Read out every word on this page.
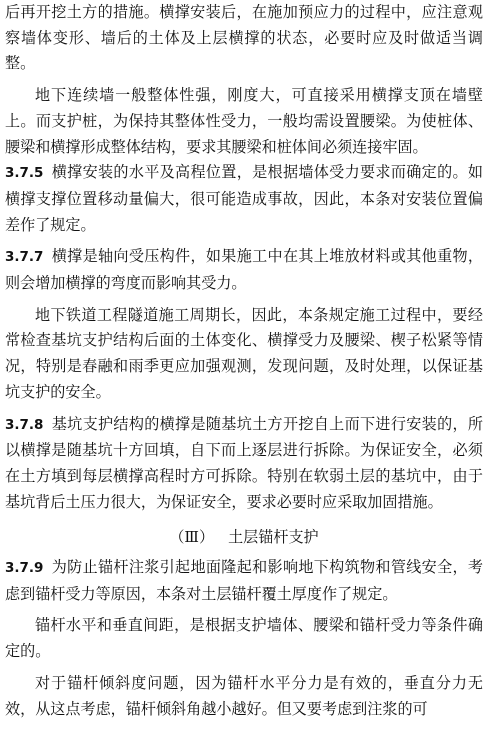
后再开挖土方的措施。横撑安装后，在施加预应力的过程中，应注意观察墙体变形、墙后的土体及上层横撑的状态，必要时应及时做适当调整。

地下连续墙一般整体性强，刚度大，可直接采用横撑支顶在墙壁上。而支护桩，为保持其整体性受力，一般均需设置腰梁。为使桩体、腰梁和横撑形成整体结构，要求其腰梁和桩体间必须连接牢固。

3.7.5 横撑安装的水平及高程位置，是根据墙体受力要求而确定的。如横撑支撑位置移动量偏大，很可能造成事故，因此，本条对安装位置偏差作了规定。

3.7.7 横撑是轴向受压构件，如果施工中在其上堆放材料或其他重物，则会增加横撑的弯度而影响其受力。

地下铁道工程隧道施工周期长，因此，本条规定施工过程中，要经常检查基坑支护结构后面的土体变化、横撑受力及腰梁、楔子松紧等情况，特别是春融和雨季更应加强观测，发现问题，及时处理，以保证基坑支护的安全。

3.7.8 基坑支护结构的横撑是随基坑土方开挖自上而下进行安装的，所以横撑是随基坑十方回填，自下而上逐层进行拆除。为保证安全，必须在土方填到每层横撑高程时方可拆除。特别在软弱土层的基坑中，由于基坑背后土压力很大，为保证安全，要求必要时应采取加固措施。

（Ⅲ） 土层锚杆支护

3.7.9 为防止锚杆注浆引起地面隆起和影响地下构筑物和管线安全，考虑到锚杆受力等原因，本条对土层锚杆覆土厚度作了规定。

锚杆水平和垂直间距，是根据支护墙体、腰梁和锚杆受力等条件确定的。

对于锚杆倾斜度问题，因为锚杆水平分力是有效的，垂直分力无效，从这点考虑，锚杆倾斜角越小越好。但又要考虑到注浆的可
